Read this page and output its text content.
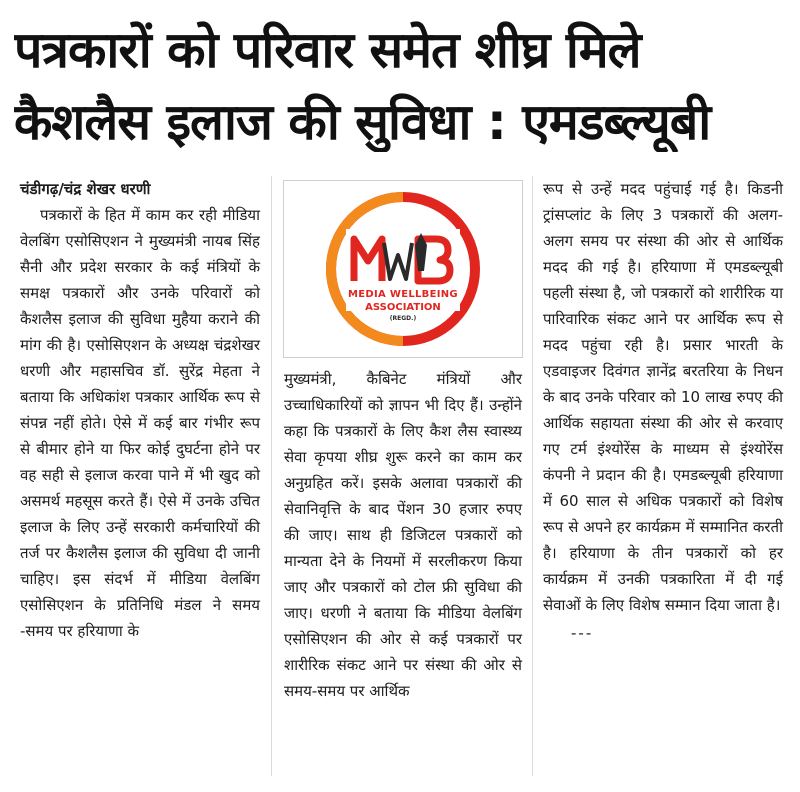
पत्रकारों को परिवार समेत शीघ्र मिले
कैशलैस इलाज की सुविधा : एमडब्ल्यूबी

चंडीगढ़/चंद्र शेखर धरणी

पत्रकारों के हित में काम कर रही मीडिया वेलबिंग एसोसिएशन ने मुख्यमंत्री नायब सिंह सैनी और प्रदेश सरकार के कई मंत्रियों के समक्ष पत्रकारों और उनके परिवारों को कैशलैस इलाज की सुविधा मुहैया कराने की मांग की है। एसोसिएशन के अध्यक्ष चंद्रशेखर धरणी और महासचिव डॉ. सुरेंद्र मेहता ने बताया कि अधिकांश पत्रकार आर्थिक रूप से संपन्न नहीं होते। ऐसे में कई बार गंभीर रूप से बीमार होने या फिर कोई दुघर्टना होने पर वह सही से इलाज करवा पाने में भी खुद को असमर्थ महसूस करते हैं। ऐसे में उनके उचित इलाज के लिए उन्हें सरकारी कर्मचारियों की तर्ज पर कैशलैस इलाज की सुविधा दी जानी चाहिए। इस संदर्भ में मीडिया वेलबिंग एसोसिएशन के प्रतिनिधि मंडल ने समय -समय पर हरियाणा के

MEDIA WELLBEING
ASSOCIATION
(REGD.)

मुख्यमंत्री, कैबिनेट मंत्रियों और उच्चाधिकारियों को ज्ञापन भी दिए हैं। उन्होंने कहा कि पत्रकारों के लिए कैश लैस स्वास्थ्य सेवा कृपया शीघ्र शुरू करने का काम कर अनुग्रहित करें। इसके अलावा पत्रकारों की सेवानिवृत्ति के बाद पेंशन 30 हजार रुपए की जाए। साथ ही डिजिटल पत्रकारों को मान्यता देने के नियमों में सरलीकरण किया जाए और पत्रकारों को टोल फ्री सुविधा की जाए। धरणी ने बताया कि मीडिया वेलबिंग एसोसिएशन की ओर से कई पत्रकारों पर शारीरिक संकट आने पर संस्था की ओर से समय-समय पर आर्थिक

रूप से उन्हें मदद पहुंचाई गई है। किडनी ट्रांसप्लांट के लिए 3 पत्रकारों की अलग-अलग समय पर संस्था की ओर से आर्थिक मदद की गई है। हरियाणा में एमडब्ल्यूबी पहली संस्था है, जो पत्रकारों को शारीरिक या पारिवारिक संकट आने पर आर्थिक रूप से मदद पहुंचा रही है। प्रसार भारती के एडवाइजर दिवंगत ज्ञानेंद्र बरतरिया के निधन के बाद उनके परिवार को 10 लाख रुपए की आर्थिक सहायता संस्था की ओर से करवाए गए टर्म इंश्योरेंस के माध्यम से इंश्योरेंस कंपनी ने प्रदान की है। एमडब्ल्यूबी हरियाणा में 60 साल से अधिक पत्रकारों को विशेष रूप से अपने हर कार्यक्रम में सम्मानित करती है। हरियाणा के तीन पत्रकारों को हर कार्यक्रम में उनकी पत्रकारिता में दी गई सेवाओं के लिए विशेष सम्मान दिया जाता है।

---
